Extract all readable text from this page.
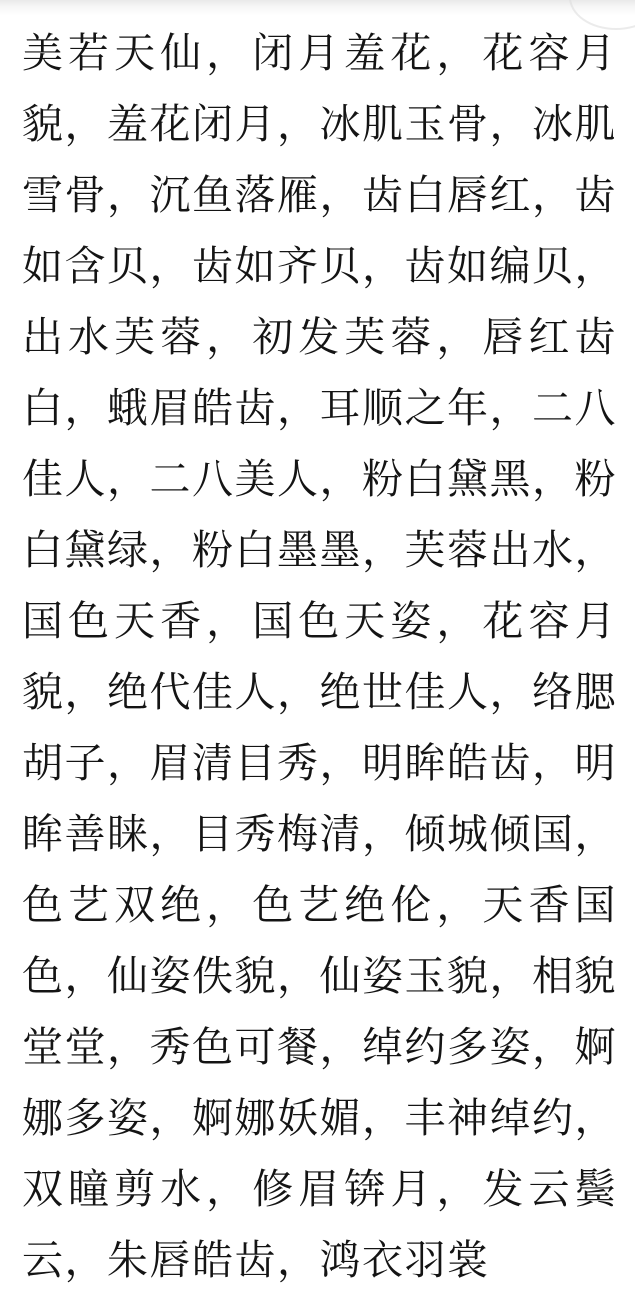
美若天仙，闭月羞花，花容月貌，羞花闭月，冰肌玉骨，冰肌雪骨，沉鱼落雁，齿白唇红，齿如含贝，齿如齐贝，齿如编贝，出水芙蓉，初发芙蓉，唇红齿白，蛾眉皓齿，耳顺之年，二八佳人，二八美人，粉白黛黑，粉白黛绿，粉白墨墨，芙蓉出水，国色天香，国色天姿，花容月貌，绝代佳人，绝世佳人，络腮胡子，眉清目秀，明眸皓齿，明眸善睐，目秀梅清，倾城倾国，色艺双绝，色艺绝伦，天香国色，仙姿佚貌，仙姿玉貌，相貌堂堂，秀色可餐，绰约多姿，婀娜多姿，婀娜妖媚，丰神绰约，双瞳剪水，修眉锛月，发云鬓云，朱唇皓齿，鸿衣羽裳
